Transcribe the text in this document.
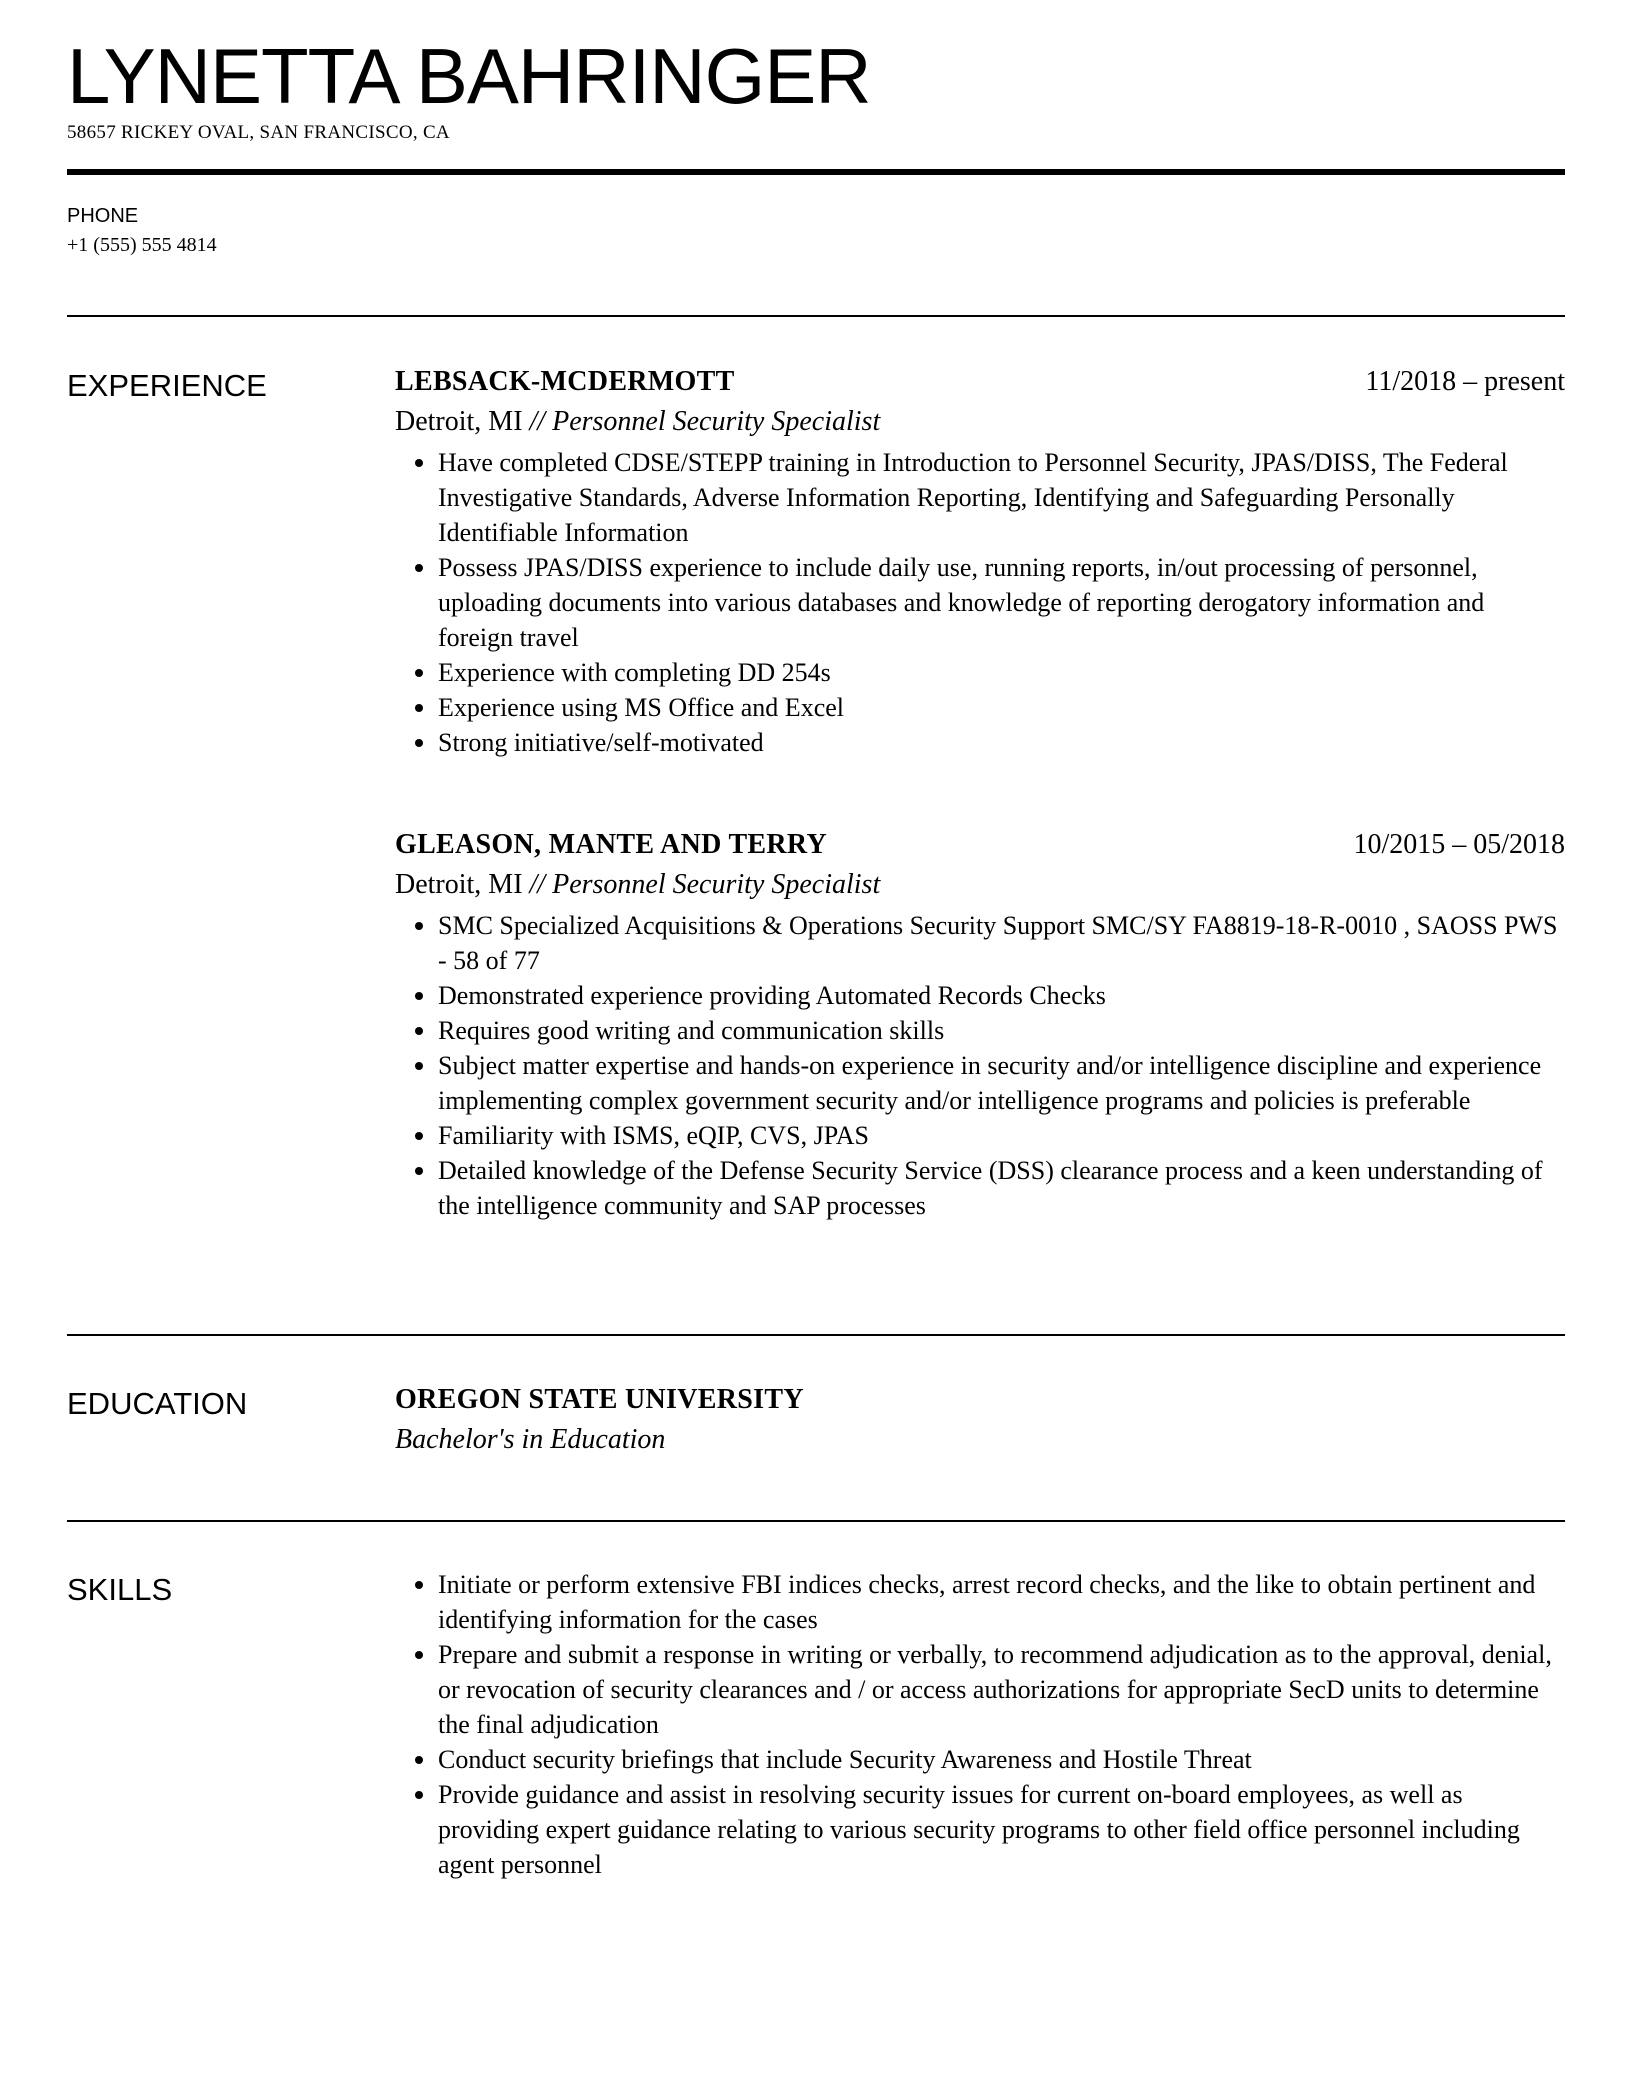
LYNETTA BAHRINGER
58657 RICKEY OVAL, SAN FRANCISCO, CA
PHONE
+1 (555) 555 4814
EXPERIENCE	LEBSACK-MCDERMOTT	11/2018 – present
Detroit, MI // Personnel Security Specialist
Have completed CDSE/STEPP training in Introduction to Personnel Security, JPAS/DISS, The Federal Investigative Standards, Adverse Information Reporting, Identifying and Safeguarding Personally Identifiable Information
Possess JPAS/DISS experience to include daily use, running reports, in/out processing of personnel, uploading documents into various databases and knowledge of reporting derogatory information and foreign travel
Experience with completing DD 254s
Experience using MS Office and Excel
Strong initiative/self-motivated
GLEASON, MANTE AND TERRY	10/2015 – 05/2018
Detroit, MI // Personnel Security Specialist
SMC Specialized Acquisitions & Operations Security Support SMC/SY FA8819-18-R-0010 , SAOSS PWS - 58 of 77
Demonstrated experience providing Automated Records Checks
Requires good writing and communication skills
Subject matter expertise and hands-on experience in security and/or intelligence discipline and experience implementing complex government security and/or intelligence programs and policies is preferable
Familiarity with ISMS, eQIP, CVS, JPAS
Detailed knowledge of the Defense Security Service (DSS) clearance process and a keen understanding of the intelligence community and SAP processes
EDUCATION	OREGON STATE UNIVERSITY
Bachelor's in Education
SKILLS	Initiate or perform extensive FBI indices checks, arrest record checks, and the like to obtain pertinent and identifying information for the cases
Prepare and submit a response in writing or verbally, to recommend adjudication as to the approval, denial, or revocation of security clearances and / or access authorizations for appropriate SecD units to determine the final adjudication
Conduct security briefings that include Security Awareness and Hostile Threat
Provide guidance and assist in resolving security issues for current on-board employees, as well as providing expert guidance relating to various security programs to other field office personnel including agent personnel
